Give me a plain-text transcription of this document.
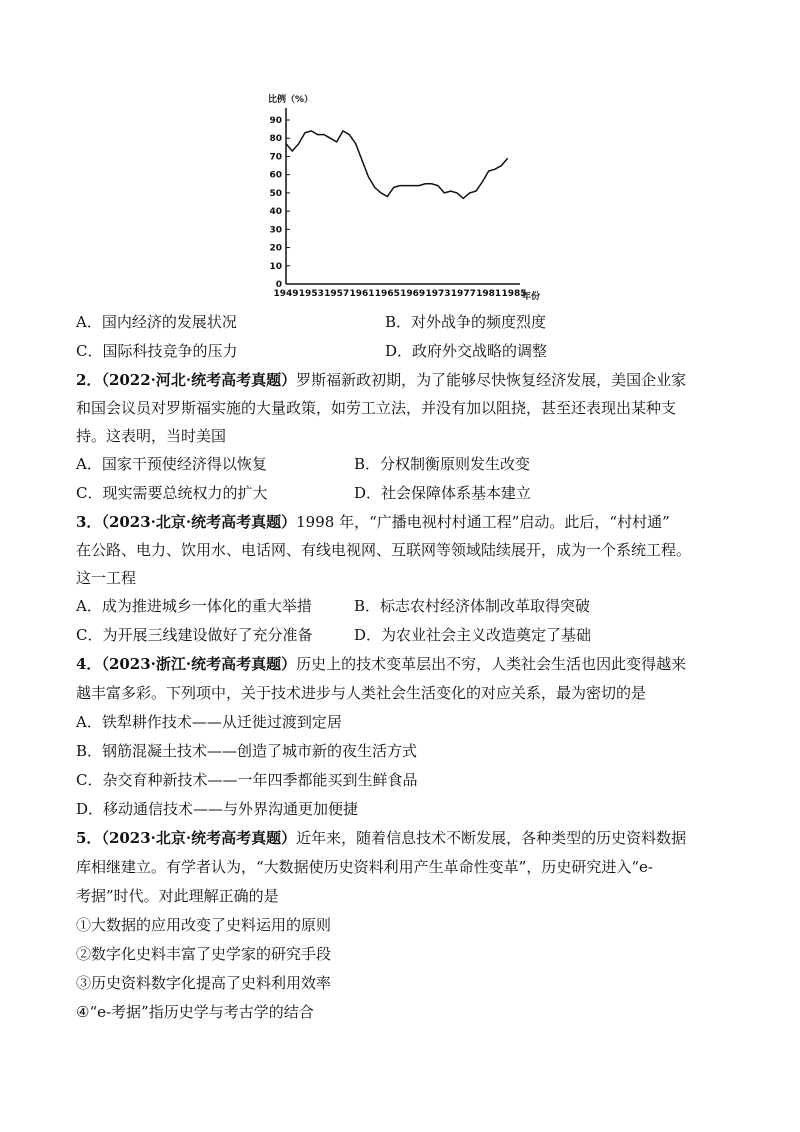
比例（%）
0
10
20
30
40
50
60
70
80
90
1949 1953 1957 1961 1965 1969 1973 1977 1981 1985
年份
A．国内经济的发展状况	B．对外战争的频度烈度
C．国际科技竞争的压力	D．政府外交战略的调整
2．（2022·河北·统考高考真题）罗斯福新政初期，为了能够尽快恢复经济发展，美国企业家
和国会议员对罗斯福实施的大量政策，如劳工立法，并没有加以阻挠，甚至还表现出某种支
持。这表明，当时美国
A．国家干预使经济得以恢复	B．分权制衡原则发生改变
C．现实需要总统权力的扩大	D．社会保障体系基本建立
3．（2023·北京·统考高考真题）1998 年，“广播电视村村通工程”启动。此后，“村村通”
在公路、电力、饮用水、电话网、有线电视网、互联网等领域陆续展开，成为一个系统工程。
这一工程
A．成为推进城乡一体化的重大举措	B．标志农村经济体制改革取得突破
C．为开展三线建设做好了充分准备	D．为农业社会主义改造奠定了基础
4．（2023·浙江·统考高考真题）历史上的技术变革层出不穷，人类社会生活也因此变得越来
越丰富多彩。下列项中，关于技术进步与人类社会生活变化的对应关系，最为密切的是
A．铁犁耕作技术——从迁徙过渡到定居
B．钢筋混凝土技术——创造了城市新的夜生活方式
C．杂交育种新技术——一年四季都能买到生鲜食品
D．移动通信技术——与外界沟通更加便捷
5．（2023·北京·统考高考真题）近年来，随着信息技术不断发展，各种类型的历史资料数据
库相继建立。有学者认为，“大数据使历史资料利用产生革命性变革”，历史研究进入“e-
考据”时代。对此理解正确的是
①大数据的应用改变了史料运用的原则
②数字化史料丰富了史学家的研究手段
③历史资料数字化提高了史料利用效率
④“e-考据”指历史学与考古学的结合
